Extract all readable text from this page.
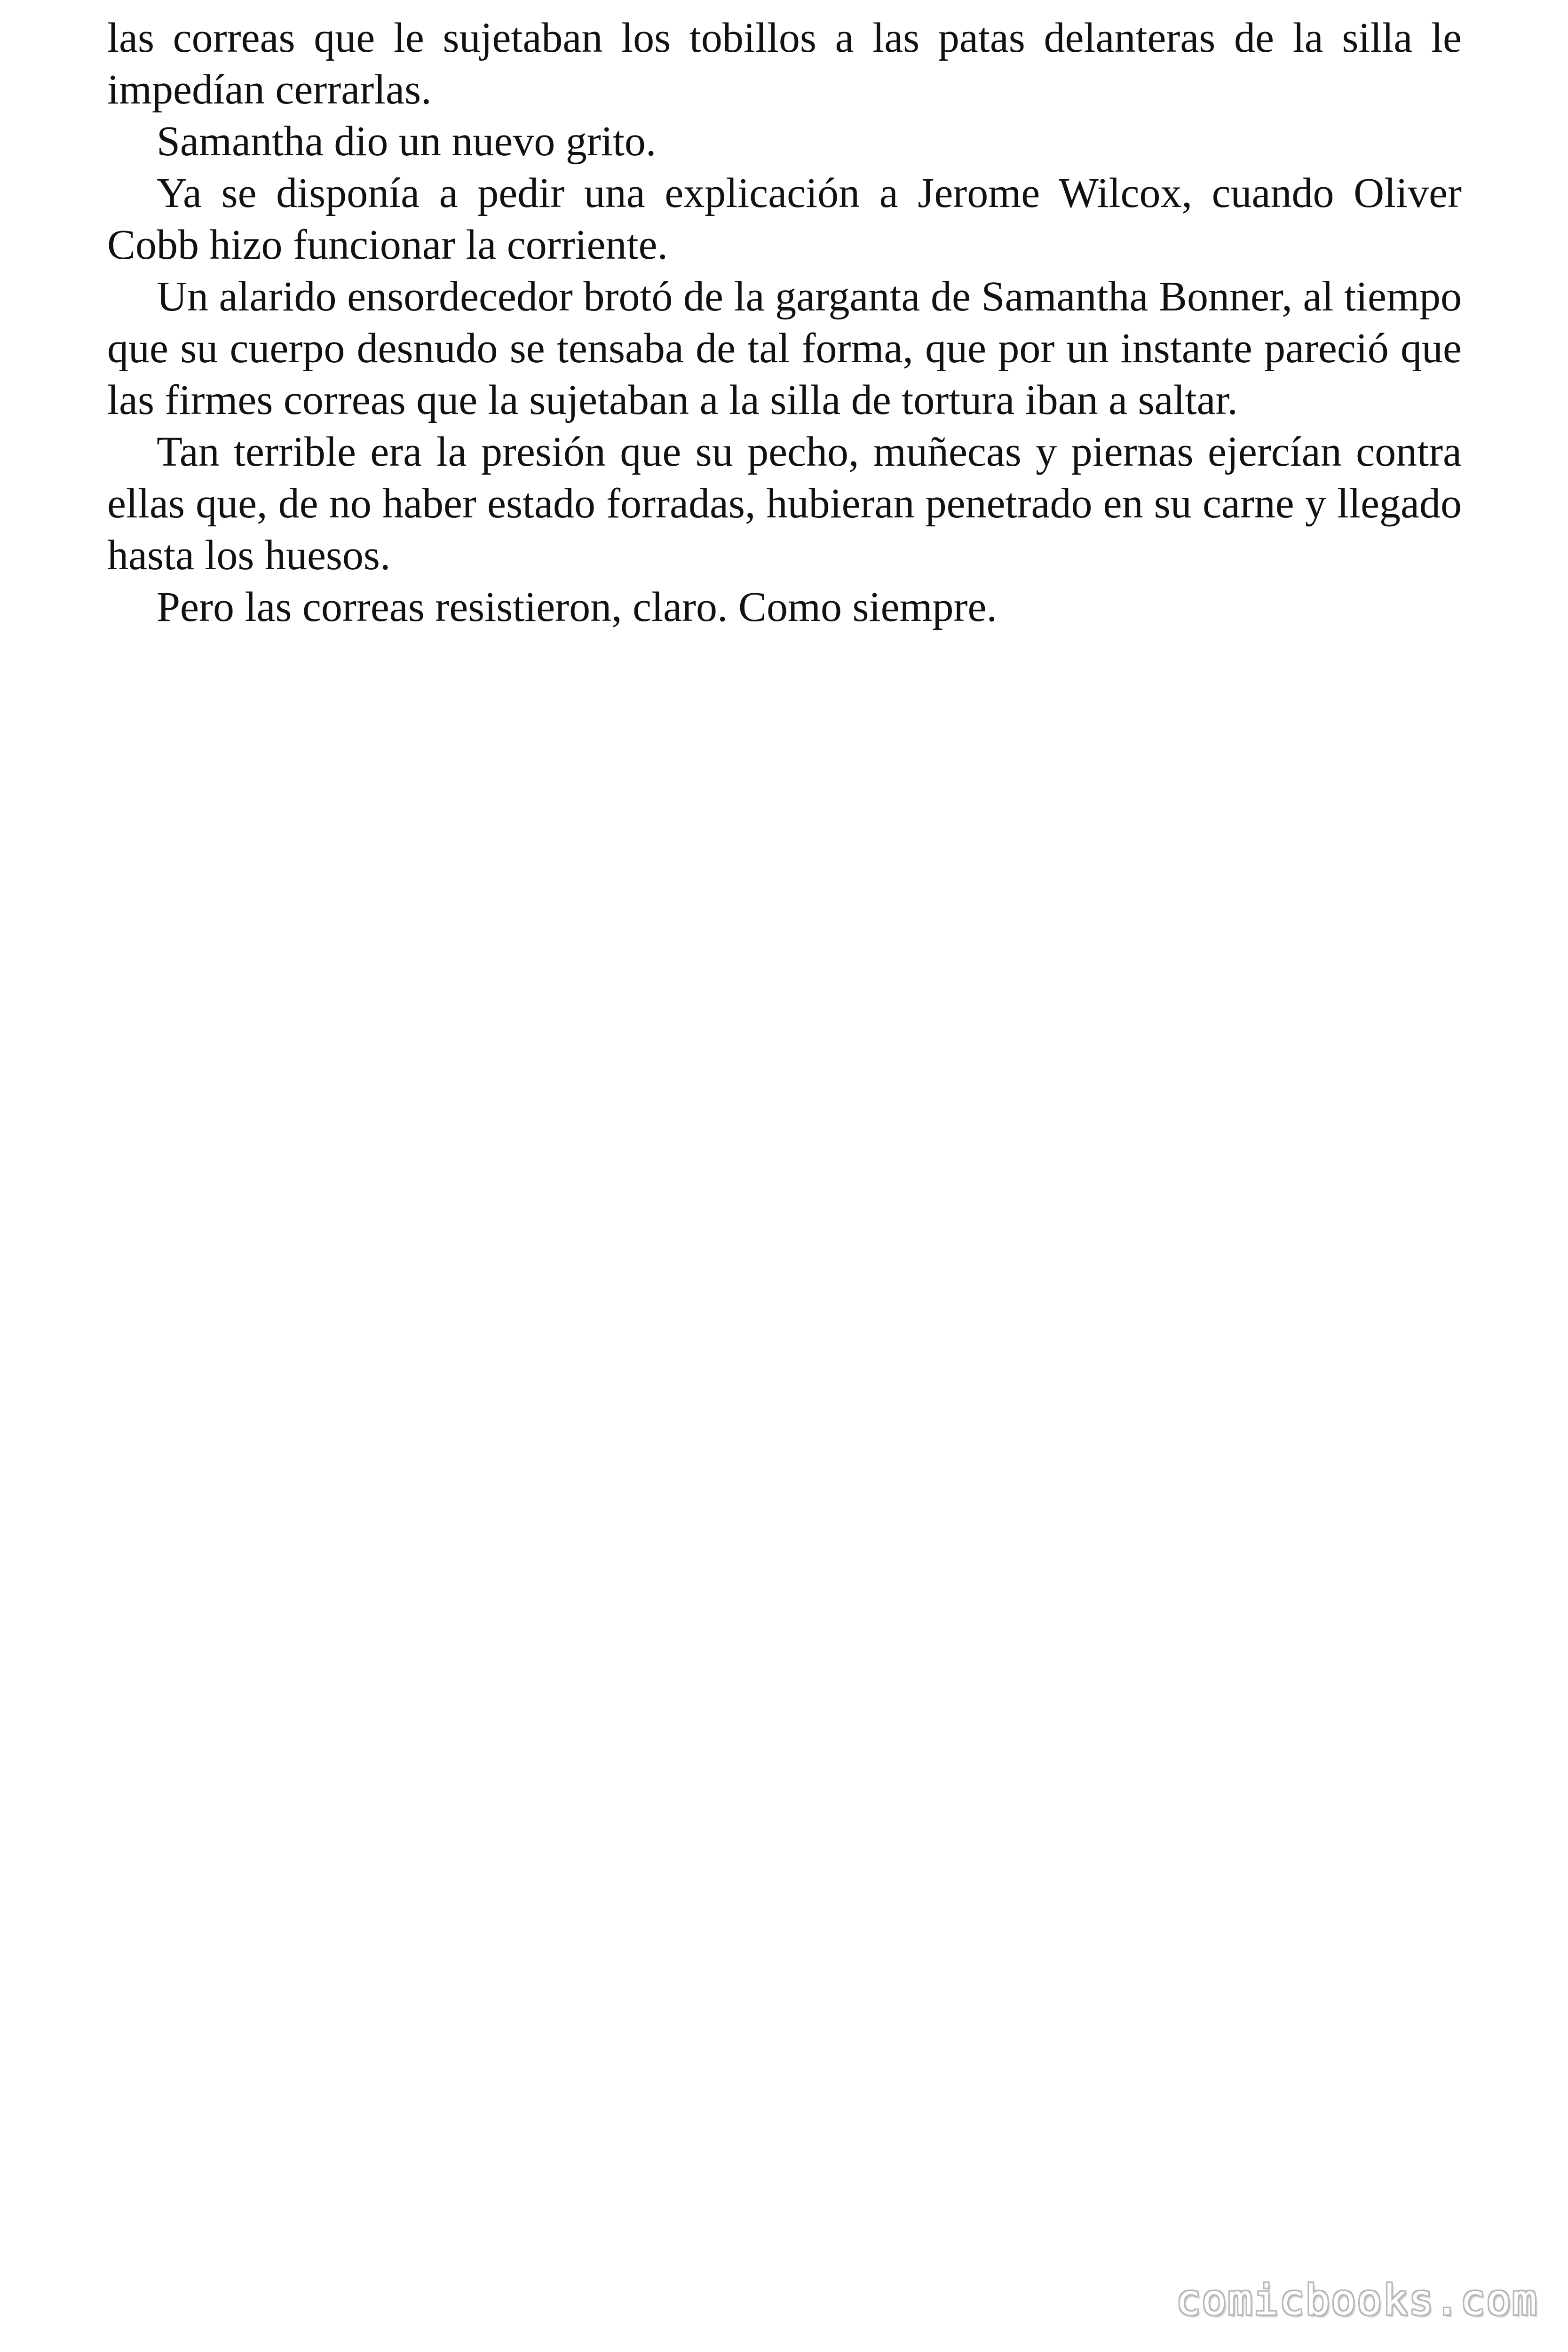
las correas que le sujetaban los tobillos a las patas delanteras de la silla le impedían cerrarlas.

Samantha dio un nuevo grito.

Ya se disponía a pedir una explicación a Jerome Wilcox, cuando Oliver Cobb hizo funcionar la corriente.

Un alarido ensordecedor brotó de la garganta de Samantha Bonner, al tiempo que su cuerpo desnudo se tensaba de tal forma, que por un instante pareció que las firmes correas que la sujetaban a la silla de tortura iban a saltar.

Tan terrible era la presión que su pecho, muñecas y piernas ejercían contra ellas que, de no haber estado forradas, hubieran penetrado en su carne y llegado hasta los huesos.

Pero las correas resistieron, claro. Como siempre.

comicbooks.com
